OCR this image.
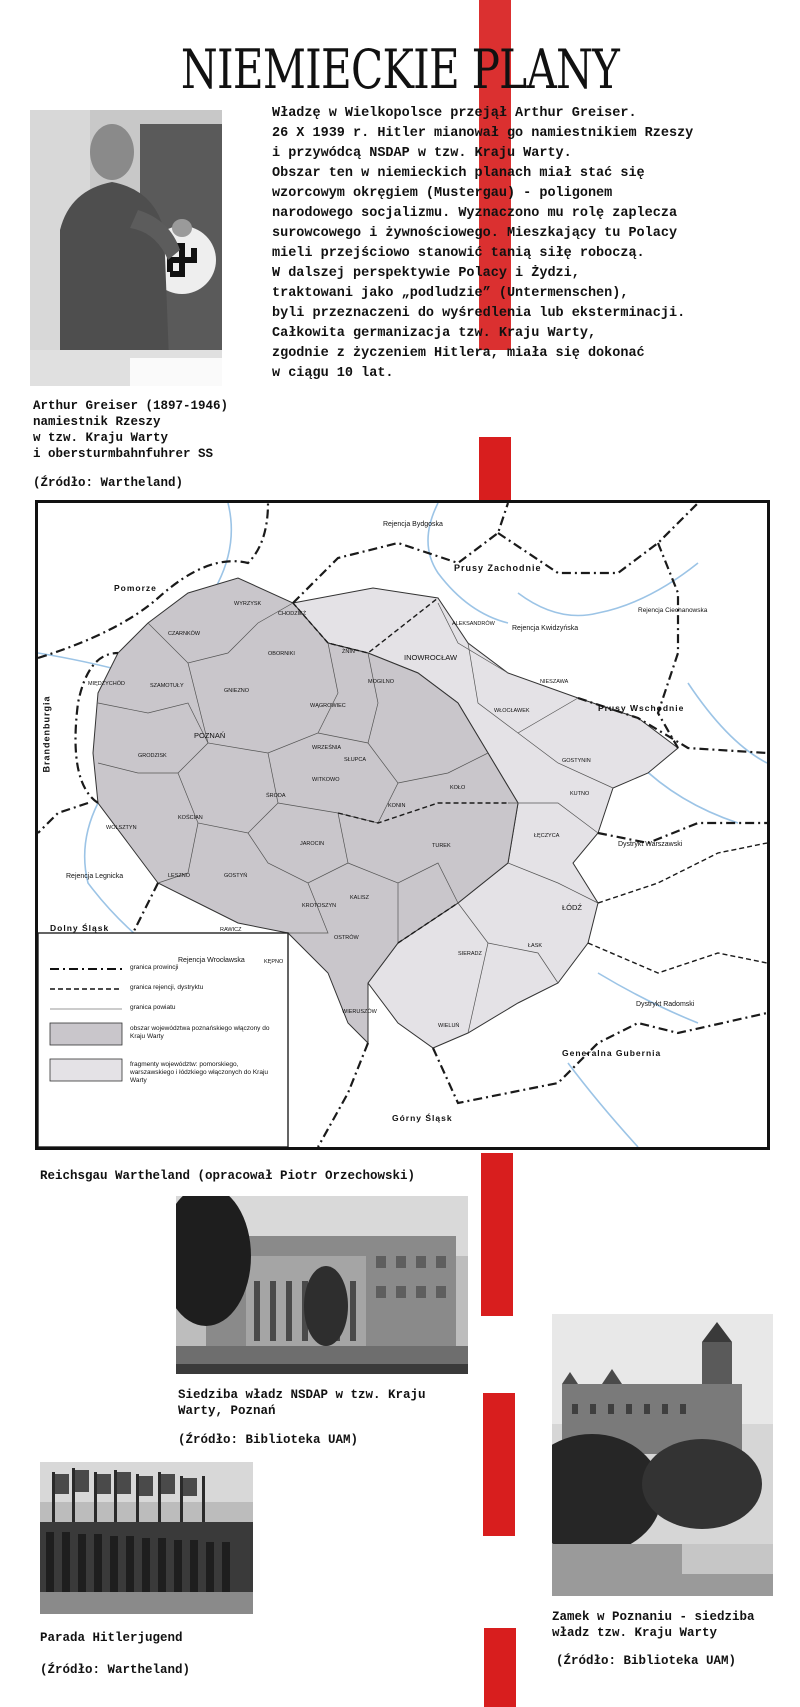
NIEMIECKIE PLANY
Władzę w Wielkopolsce przejął Arthur Greiser.
26 X 1939 r. Hitler mianował go namiestnikiem Rzeszy
i przywódcą NSDAP w tzw. Kraju Warty.
Obszar ten w niemieckich planach miał stać się
wzorcowym okręgiem (Mustergau) - poligonem
narodowego socjalizmu. Wyznaczono mu rolę zaplecza
surowcowego i żywnościowego. Mieszkający tu Polacy
mieli przejściowo stanowić tanią siłę roboczą.
W dalszej perspektywie Polacy i Żydzi,
traktowani jako „podludzie” (Untermenschen),
byli przeznaczeni do wyśredlenia lub eksterminacji.
Całkowita germanizacja tzw. Kraju Warty,
zgodnie z życzeniem Hitlera, miała się dokonać
w ciągu 10 lat.
Arthur Greiser (1897-1946)
namiestnik Rzeszy
w tzw. Kraju Warty
i obersturmbahnfuhrer SS
(Źródło: Wartheland)
Brandenburgia
Pomorze
Prusy Zachodnie
Prusy Wschodnie
Dolny Śląsk
Górny Śląsk
Generalna Gubernia
Rejencja Bydgoska
Rejencja Kwidzyńska
Rejencja Ciechanowska
Rejencja Legnicka
Rejencja Wrocławska
Dystrykt Warszawski
Dystrykt Radomski
POZNAŃ
INOWROCŁAW
ŁÓDŹ
KALISZ
GNIEZNO
LESZNO
KONIN
KOŁO
JAROCIN
OSTRÓW
SIERADZ
WIELUŃ
KUTNO
ŁĘCZYCA
GOSTYNIN
WŁOCŁAWEK
WOLSZTYN
WRZEŚNIA
ŚRODA
KOŚCIAN
KROTOSZYN
RAWICZ
WYRZYSK
CZARNKÓW
CHODZIEŻ
OBORNIKI
MIĘDZYCHÓD	SZAMOTUŁY
ŻNIN
MOGILNO
WĄGROWIEC
GRODZISK
GOSTYŃ
WIERUSZÓW
TUREK
SŁUPCA
KĘPNO
ŁASK
WITKOWO
ALEKSANDRÓW
NIESZAWA
granica prowincji
granica rejencji, dystryktu
granica powiatu
obszar województwa poznańskiego włączony do Kraju Warty
fragmenty województw: pomorskiego, warszawskiego i łódzkiego włączonych do Kraju Warty
Reichsgau Wartheland (opracował Piotr Orzechowski)
Siedziba władz NSDAP w tzw. Kraju
Warty, Poznań
(Źródło: Biblioteka UAM)
Zamek w Poznaniu - siedziba
władz tzw. Kraju Warty
(Źródło: Biblioteka UAM)
Parada Hitlerjugend
(Źródło: Wartheland)
